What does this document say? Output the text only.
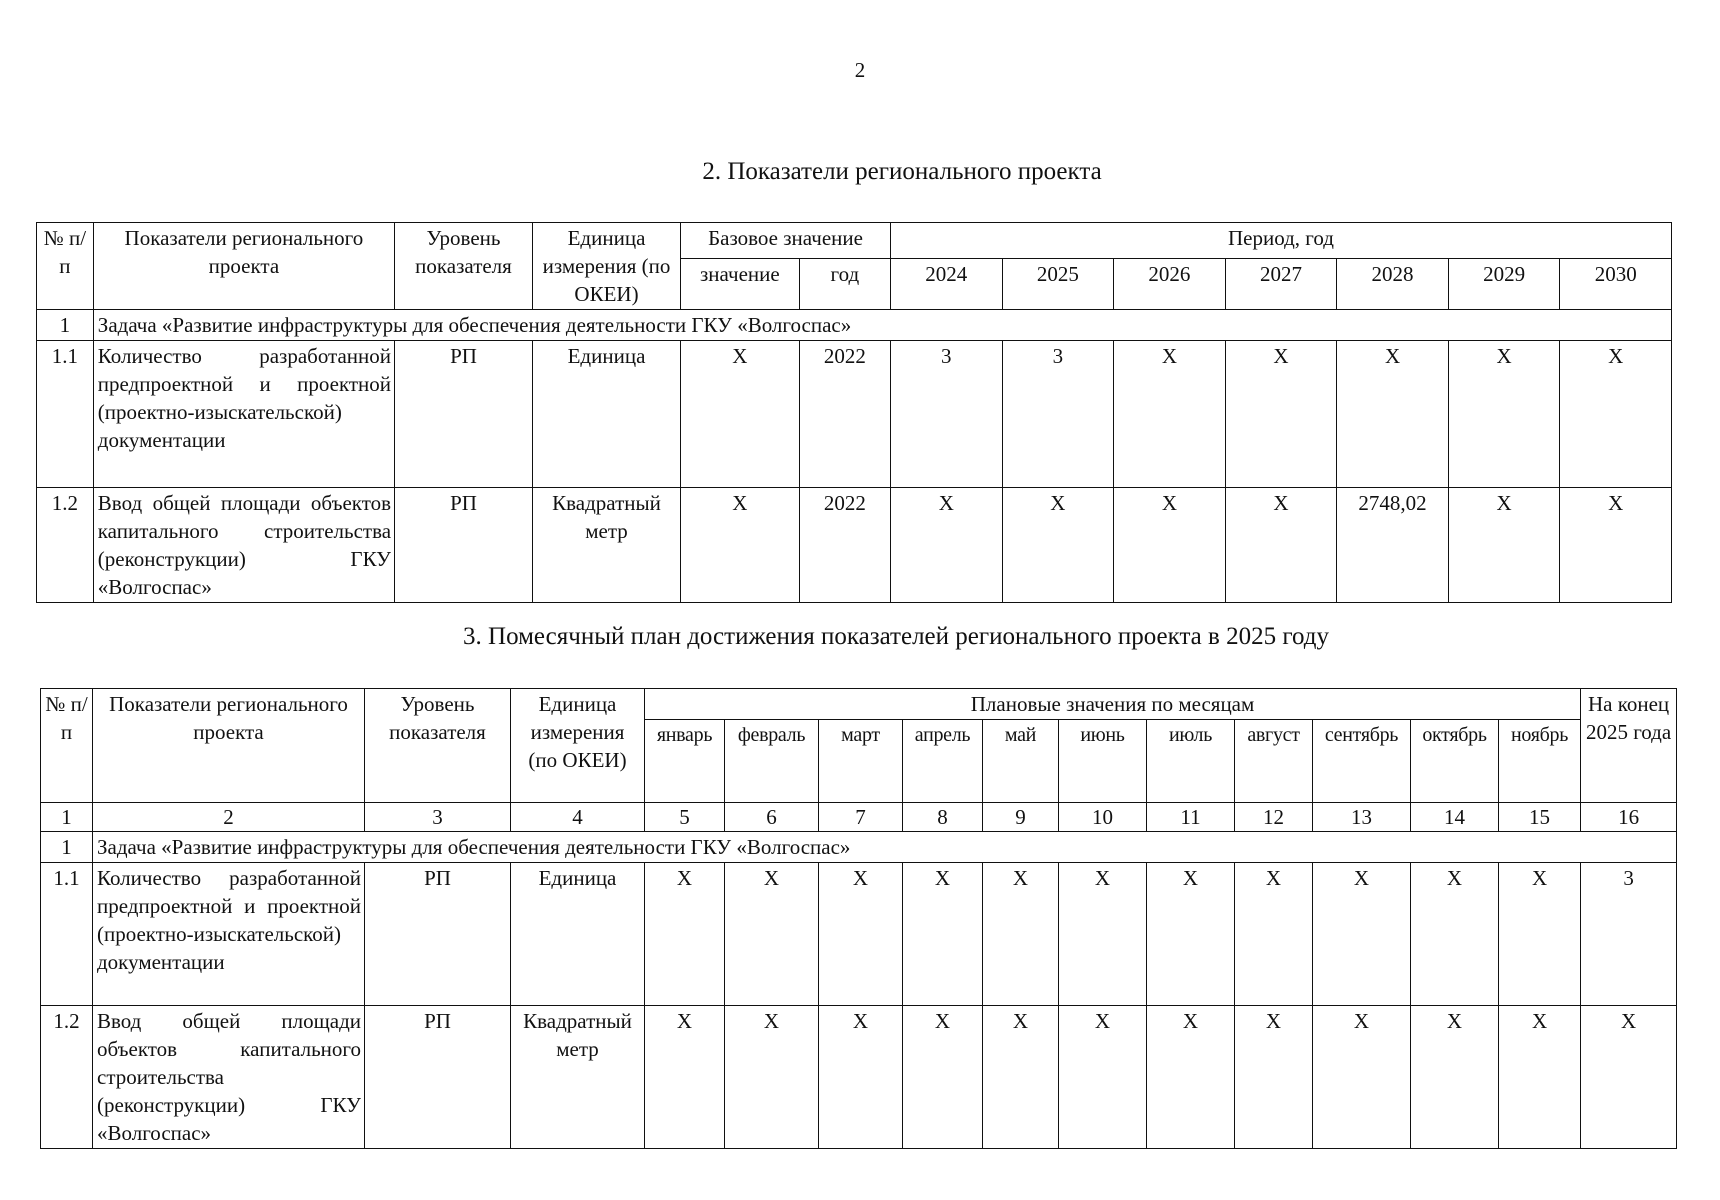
2
2. Показатели регионального проекта
№ п/п	Показатели регионального проекта	Уровень показателя	Единица измерения (по ОКЕИ)	Базовое значение		Период, год						
				значение	год	2024	2025	2026	2027	2028	2029	2030
1	Задача «Развитие инфраструктуры для обеспечения деятельности ГКУ «Волгоспас»											
1.1	Количество разработанной предпроектной и проектной (проектно-изыскательской) документации	РП	Единица	X	2022	3	3	X	X	X	X	X
1.2	Ввод общей площади объектов капитального строительства (реконструкции) ГКУ «Волгоспас»	РП	Квадратный метр	X	2022	X	X	X	X	2748,02	X	X
3. Помесячный план достижения показателей регионального проекта в 2025 году
№ п/п	Показатели регионального проекта	Уровень показателя	Единица измерения (по ОКЕИ)	Плановые значения по месяцам											На конец 2025 года
				январь	февраль	март	апрель	май	июнь	июль	август	сентябрь	октябрь	ноябрь	
1	2	3	4	5	6	7	8	9	10	11	12	13	14	15	16
1	Задача «Развитие инфраструктуры для обеспечения деятельности ГКУ «Волгоспас»														
1.1	Количество разработанной предпроектной и проектной (проектно-изыскательской) документации	РП	Единица	X	X	X	X	X	X	X	X	X	X	X	3
1.2	Ввод общей площади объектов капитального строительства (реконструкции) ГКУ «Волгоспас»	РП	Квадратный метр	X	X	X	X	X	X	X	X	X	X	X	X
